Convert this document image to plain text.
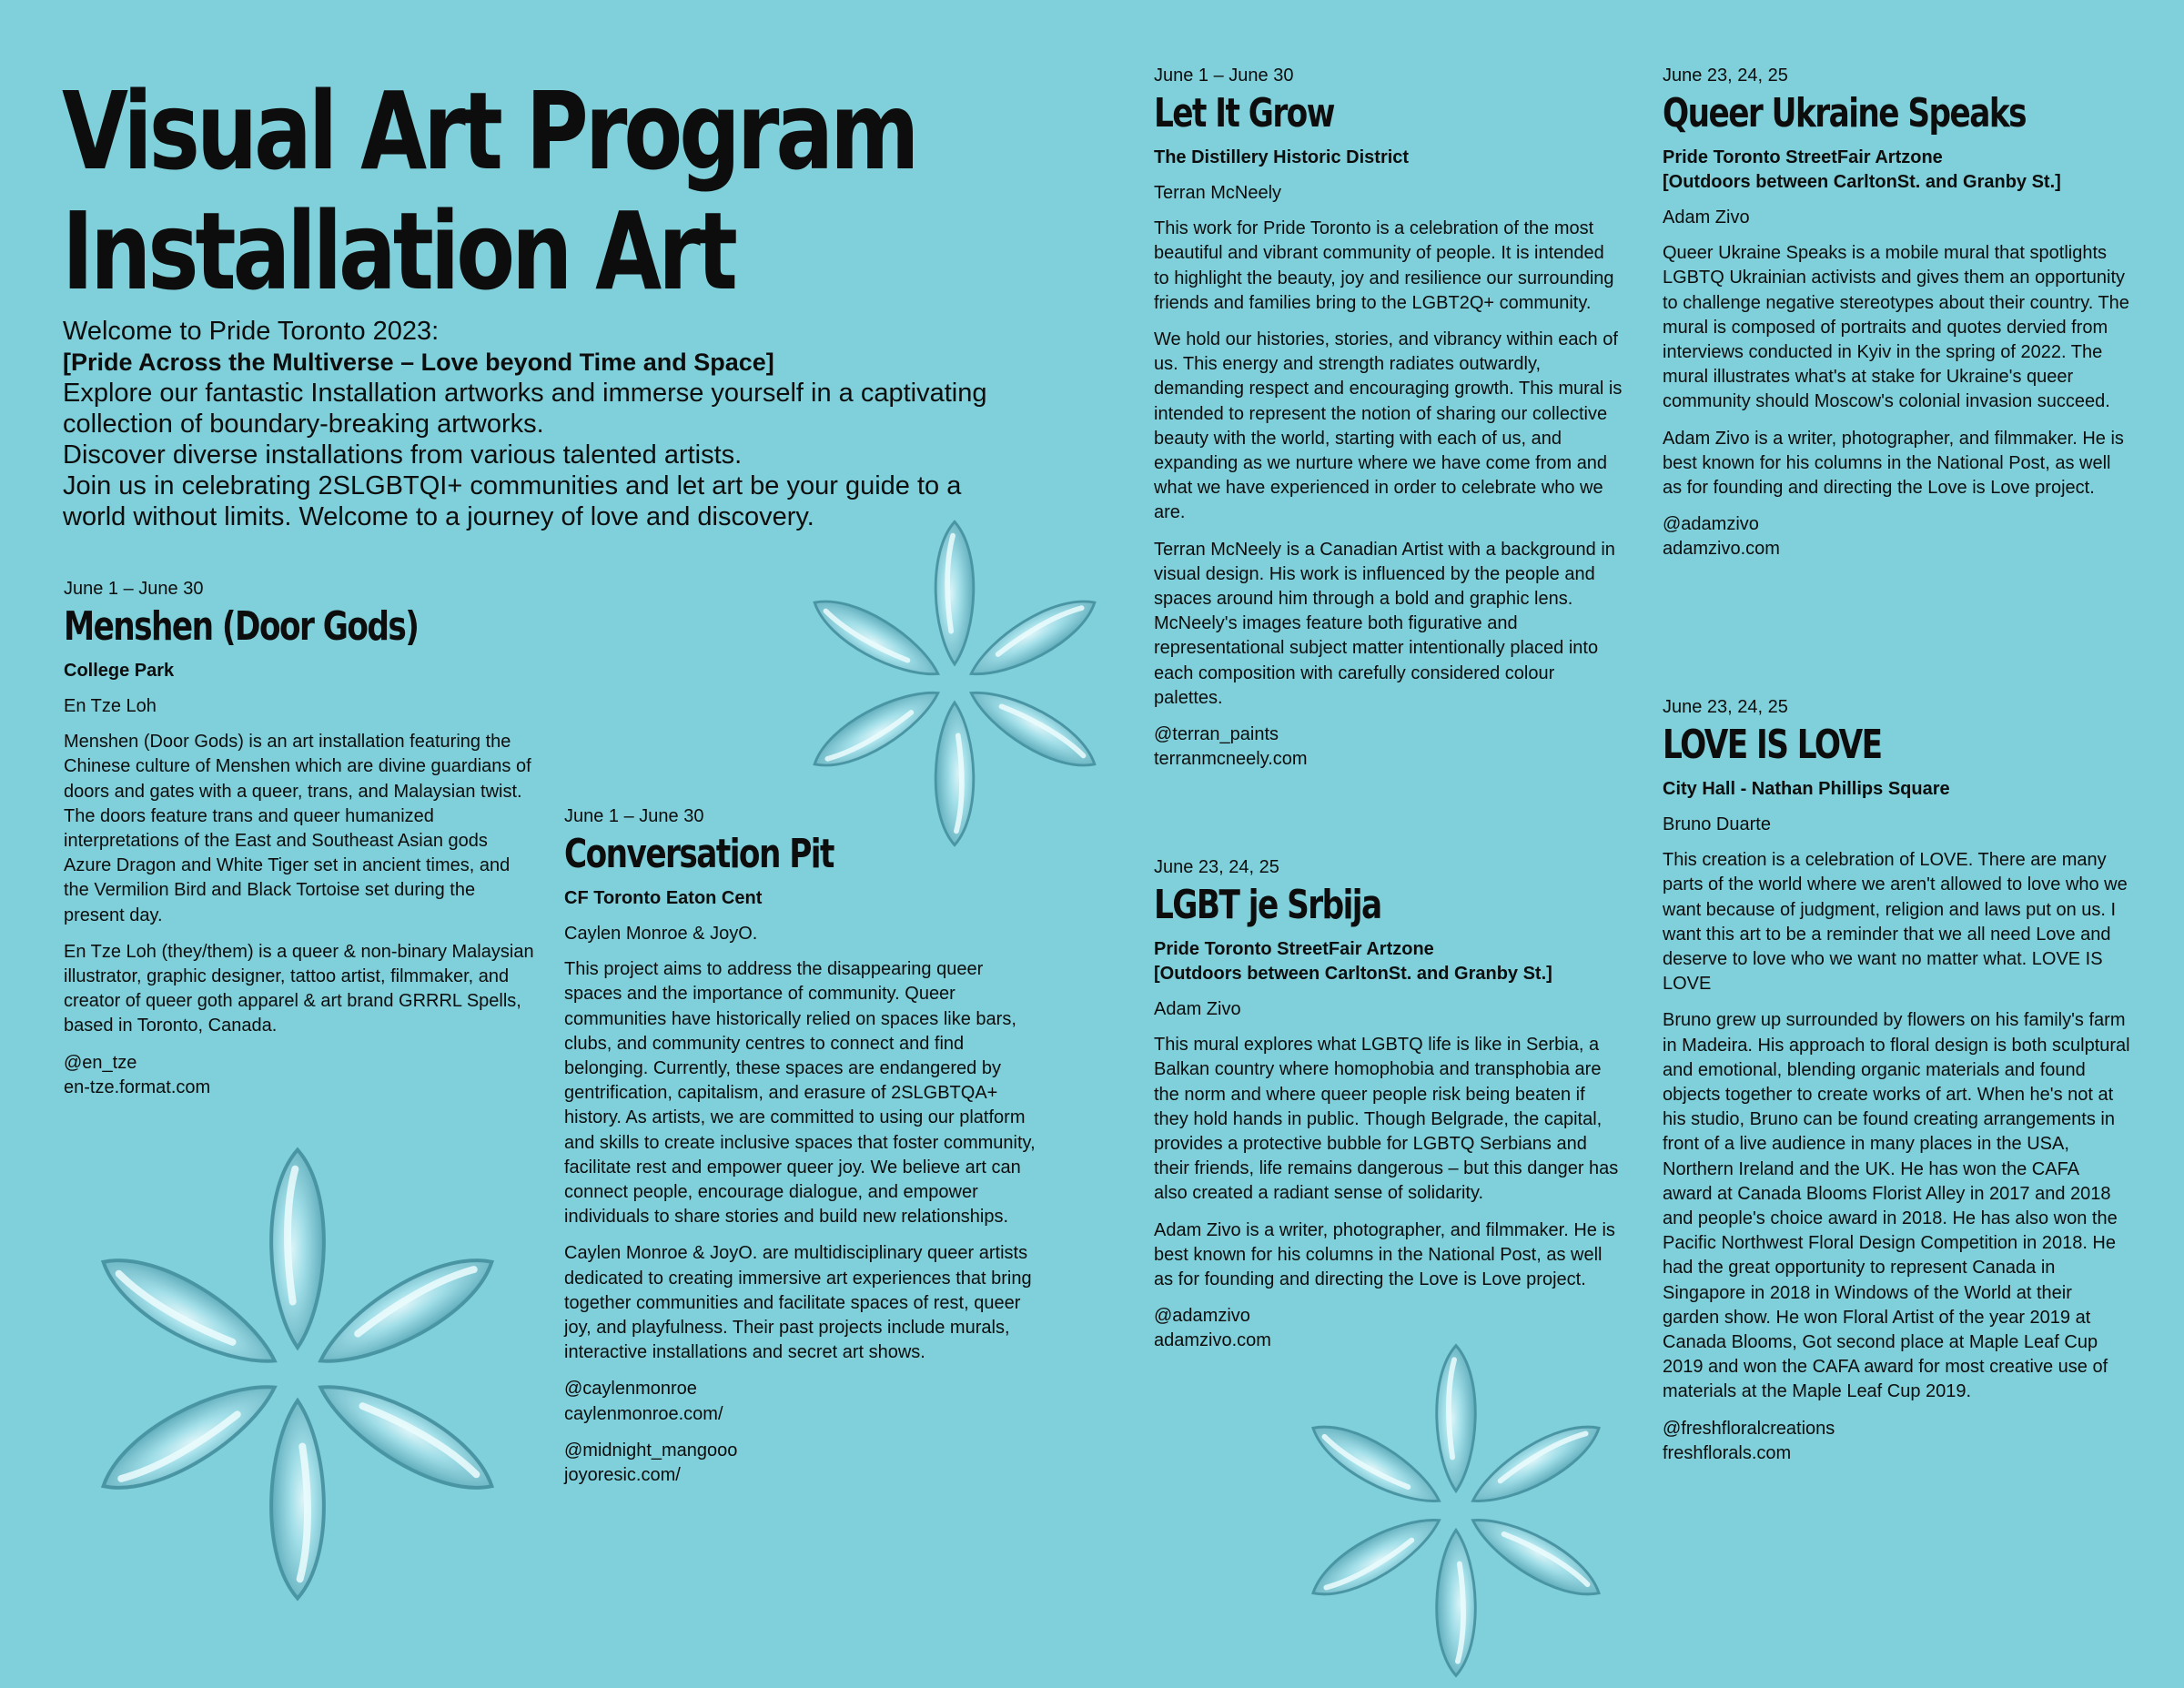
Visual Art Program
Installation Art

Welcome to Pride Toronto 2023:

[Pride Across the Multiverse – Love beyond Time and Space]

Explore our fantastic Installation artworks and immerse yourself in a captivating collection of boundary-breaking artworks.

Discover diverse installations from various talented artists.

Join us in celebrating 2SLGBTQI+ communities and let art be your guide to a world without limits. Welcome to a journey of love and discovery.

June 1 – June 30
Menshen (Door Gods)
College Park
En Tze Loh

Menshen (Door Gods) is an art installation featuring the Chinese culture of Menshen which are divine guardians of doors and gates with a queer, trans, and Malaysian twist. The doors feature trans and queer humanized interpretations of the East and Southeast Asian gods Azure Dragon and White Tiger set in ancient times, and the Vermilion Bird and Black Tortoise set during the present day.

En Tze Loh (they/them) is a queer & non-binary Malaysian illustrator, graphic designer, tattoo artist, filmmaker, and creator of queer goth apparel & art brand GRRRL Spells, based in Toronto, Canada.

@en_tze
en-tze.format.com
June 1 – June 30
Conversation Pit
CF Toronto Eaton Cent
Caylen Monroe & JoyO.

This project aims to address the disappearing queer spaces and the importance of community. Queer communities have historically relied on spaces like bars, clubs, and community centres to connect and find belonging. Currently, these spaces are endangered by gentrification, capitalism, and erasure of 2SLGBTQA+ history. As artists, we are committed to using our platform and skills to create inclusive spaces that foster community, facilitate rest and empower queer joy. We believe art can connect people, encourage dialogue, and empower individuals to share stories and build new relationships.

Caylen Monroe & JoyO. are multidisciplinary queer artists dedicated to creating immersive art experiences that bring together communities and facilitate spaces of rest, queer joy, and playfulness. Their past projects include murals, interactive installations and secret art shows.

@caylenmonroe
caylenmonroe.com/
@midnight_mangooo
joyoresic.com/
June 1 – June 30
Let It Grow
The Distillery Historic District
Terran McNeely

This work for Pride Toronto is a celebration of the most beautiful and vibrant community of people. It is intended to highlight the beauty, joy and resilience our surrounding friends and families bring to the LGBT2Q+ community.

We hold our histories, stories, and vibrancy within each of us. This energy and strength radiates outwardly, demanding respect and encouraging growth. This mural is intended to represent the notion of sharing our collective beauty with the world, starting with each of us, and expanding as we nurture where we have come from and what we have experienced in order to celebrate who we are.

Terran McNeely is a Canadian Artist with a background in visual design. His work is influenced by the people and spaces around him through a bold and graphic lens. McNeely's images feature both figurative and representational subject matter intentionally placed into each composition with carefully considered colour palettes.

@terran_paints
terranmcneely.com
June 23, 24, 25
LGBT je Srbija
Pride Toronto StreetFair Artzone
[Outdoors between CarltonSt. and Granby St.]
Adam Zivo

This mural explores what LGBTQ life is like in Serbia, a Balkan country where homophobia and transphobia are the norm and where queer people risk being beaten if they hold hands in public. Though Belgrade, the capital, provides a protective bubble for LGBTQ Serbians and their friends, life remains dangerous – but this danger has also created a radiant sense of solidarity.

Adam Zivo is a writer, photographer, and filmmaker. He is best known for his columns in the National Post, as well as for founding and directing the Love is Love project.

@adamzivo
adamzivo.com
June 23, 24, 25
Queer Ukraine Speaks
Pride Toronto StreetFair Artzone
[Outdoors between CarltonSt. and Granby St.]
Adam Zivo

Queer Ukraine Speaks is a mobile mural that spotlights LGBTQ Ukrainian activists and gives them an opportunity to challenge negative stereotypes about their country. The mural is composed of portraits and quotes dervied from interviews conducted in Kyiv in the spring of 2022. The mural illustrates what's at stake for Ukraine's queer community should Moscow's colonial invasion succeed.

Adam Zivo is a writer, photographer, and filmmaker. He is best known for his columns in the National Post, as well as for founding and directing the Love is Love project.

@adamzivo
adamzivo.com
June 23, 24, 25
LOVE IS LOVE
City Hall - Nathan Phillips Square
Bruno Duarte

This creation is a celebration of LOVE. There are many parts of the world where we aren't allowed to love who we want because of judgment, religion and laws put on us. I want this art to be a reminder that we all need Love and deserve to love who we want no matter what. LOVE IS LOVE

Bruno grew up surrounded by flowers on his family's farm in Madeira. His approach to floral design is both sculptural and emotional, blending organic materials and found objects together to create works of art. When he's not at his studio, Bruno can be found creating arrangements in front of a live audience in many places in the USA, Northern Ireland and the UK. He has won the CAFA award at Canada Blooms Florist Alley in 2017 and 2018 and people's choice award in 2018. He has also won the Pacific Northwest Floral Design Competition in 2018. He had the great opportunity to represent Canada in Singapore in 2018 in Windows of the World at their garden show. He won Floral Artist of the year 2019 at Canada Blooms, Got second place at Maple Leaf Cup 2019 and won the CAFA award for most creative use of materials at the Maple Leaf Cup 2019.

@freshfloralcreations
freshflorals.com
